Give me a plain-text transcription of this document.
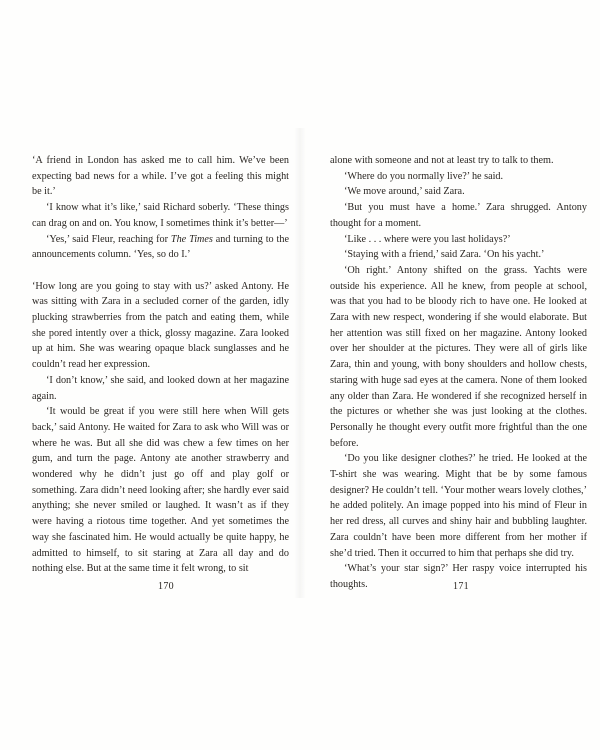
‘A friend in London has asked me to call him. We’ve been expecting bad news for a while. I’ve got a feeling this might be it.’

‘I know what it’s like,’ said Richard soberly. ‘These things can drag on and on. You know, I sometimes think it’s better—’

‘Yes,’ said Fleur, reaching for The Times and turning to the announcements column. ‘Yes, so do I.’

‘How long are you going to stay with us?’ asked Antony. He was sitting with Zara in a secluded corner of the garden, idly plucking strawberries from the patch and eating them, while she pored intently over a thick, glossy magazine. Zara looked up at him. She was wearing opaque black sunglasses and he couldn’t read her expression.

‘I don’t know,’ she said, and looked down at her magazine again.

‘It would be great if you were still here when Will gets back,’ said Antony. He waited for Zara to ask who Will was or where he was. But all she did was chew a few times on her gum, and turn the page. Antony ate another strawberry and wondered why he didn’t just go off and play golf or something. Zara didn’t need looking after; she hardly ever said anything; she never smiled or laughed. It wasn’t as if they were having a riotous time together. And yet sometimes the way she fascinated him. He would actually be quite happy, he admitted to himself, to sit staring at Zara all day and do nothing else. But at the same time it felt wrong, to sit

alone with someone and not at least try to talk to them.

‘Where do you normally live?’ he said.

‘We move around,’ said Zara.

‘But you must have a home.’ Zara shrugged. Antony thought for a moment.

‘Like . . . where were you last holidays?’

‘Staying with a friend,’ said Zara. ‘On his yacht.’

‘Oh right.’ Antony shifted on the grass. Yachts were outside his experience. All he knew, from people at school, was that you had to be bloody rich to have one. He looked at Zara with new respect, wondering if she would elaborate. But her attention was still fixed on her magazine. Antony looked over her shoulder at the pictures. They were all of girls like Zara, thin and young, with bony shoulders and hollow chests, staring with huge sad eyes at the camera. None of them looked any older than Zara. He wondered if she recognized herself in the pictures or whether she was just looking at the clothes. Personally he thought every outfit more frightful than the one before.

‘Do you like designer clothes?’ he tried. He looked at the T-shirt she was wearing. Might that be by some famous designer? He couldn’t tell. ‘Your mother wears lovely clothes,’ he added politely. An image popped into his mind of Fleur in her red dress, all curves and shiny hair and bubbling laughter. Zara couldn’t have been more different from her mother if she’d tried. Then it occurred to him that perhaps she did try.

‘What’s your star sign?’ Her raspy voice interrupted his thoughts.

170	171
